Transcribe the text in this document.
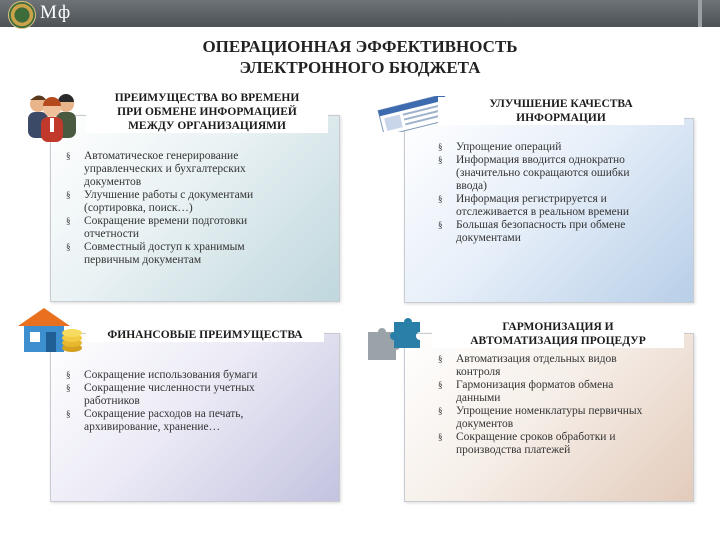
Мф
ОПЕРАЦИОННАЯ ЭФФЕКТИВНОСТЬ
ЭЛЕКТРОННОГО БЮДЖЕТА
ПРЕИМУЩЕСТВА ВО ВРЕМЕНИ
ПРИ ОБМЕНЕ ИНФОРМАЦИЕЙ
МЕЖДУ ОРГАНИЗАЦИЯМИ
§ Автоматическое генерирование
управленческих и бухгалтерских
документов
§ Улучшение работы с документами
(сортировка, поиск…)
§ Сокращение времени подготовки
отчетности
§ Совместный доступ к хранимым
первичным документам
УЛУЧШЕНИЕ КАЧЕСТВА
ИНФОРМАЦИИ
§ Упрощение операций
§ Информация вводится однократно
(значительно сокращаются ошибки
ввода)
§ Информация регистрируется и
отслеживается в реальном времени
§ Большая безопасность при обмене
документами
ФИНАНСОВЫЕ ПРЕИМУЩЕСТВА
§ Сокращение использования бумаги
§ Сокращение численности учетных
работников
§ Сокращение расходов на печать,
архивирование, хранение…
ГАРМОНИЗАЦИЯ И
АВТОМАТИЗАЦИЯ ПРОЦЕДУР
§ Автоматизация отдельных видов
контроля
§ Гармонизация форматов обмена
данными
§ Упрощение номенклатуры первичных
документов
§ Сокращение сроков обработки и
производства платежей
